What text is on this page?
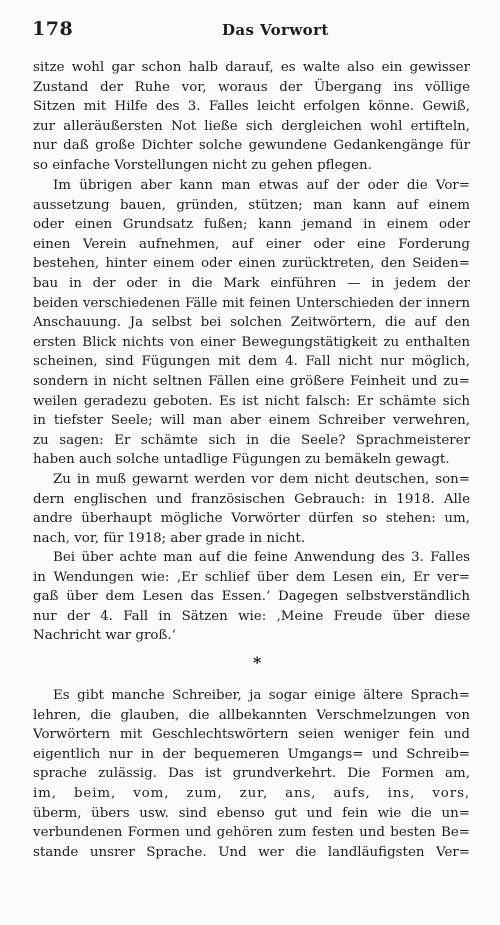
178	Das Vorwort
sitze wohl gar schon halb darauf, es walte also ein gewisser
Zustand der Ruhe vor, woraus der Übergang ins völlige
Sitzen mit Hilfe des 3. Falles leicht erfolgen könne. Gewiß,
zur alleräußersten Not ließe sich dergleichen wohl ertifteln,
nur daß große Dichter solche gewundene Gedankengänge für
so einfache Vorstellungen nicht zu gehen pflegen.
Im übrigen aber kann man etwas auf der oder die Vor=
aussetzung bauen, gründen, stützen; man kann auf einem
oder einen Grundsatz fußen; kann jemand in einem oder
einen Verein aufnehmen, auf einer oder eine Forderung
bestehen, hinter einem oder einen zurücktreten, den Seiden=
bau in der oder in die Mark einführen — in jedem der
beiden verschiedenen Fälle mit feinen Unterschieden der innern
Anschauung. Ja selbst bei solchen Zeitwörtern, die auf den
ersten Blick nichts von einer Bewegungstätigkeit zu enthalten
scheinen, sind Fügungen mit dem 4. Fall nicht nur möglich,
sondern in nicht seltnen Fällen eine größere Feinheit und zu=
weilen geradezu geboten. Es ist nicht falsch: Er schämte sich
in tiefster Seele; will man aber einem Schreiber verwehren,
zu sagen: Er schämte sich in die Seele? Sprachmeisterer
haben auch solche untadlige Fügungen zu bemäkeln gewagt.
Zu in muß gewarnt werden vor dem nicht deutschen, son=
dern englischen und französischen Gebrauch: in 1918. Alle
andre überhaupt mögliche Vorwörter dürfen so stehen: um,
nach, vor, für 1918; aber grade in nicht.
Bei über achte man auf die feine Anwendung des 3. Falles
in Wendungen wie: ‚Er schlief über dem Lesen ein, Er ver=
gaß über dem Lesen das Essen.‘ Dagegen selbstverständlich
nur der 4. Fall in Sätzen wie: ‚Meine Freude über diese
Nachricht war groß.‘
*
Es gibt manche Schreiber, ja sogar einige ältere Sprach=
lehren, die glauben, die allbekannten Verschmelzungen von
Vorwörtern mit Geschlechtswörtern seien weniger fein und
eigentlich nur in der bequemeren Umgangs= und Schreib=
sprache zulässig. Das ist grundverkehrt. Die Formen am,
im, beim, vom, zum, zur, ans, aufs, ins, vors,
überm, übers usw. sind ebenso gut und fein wie die un=
verbundenen Formen und gehören zum festen und besten Be=
stande unsrer Sprache. Und wer die landläufigsten Ver=
